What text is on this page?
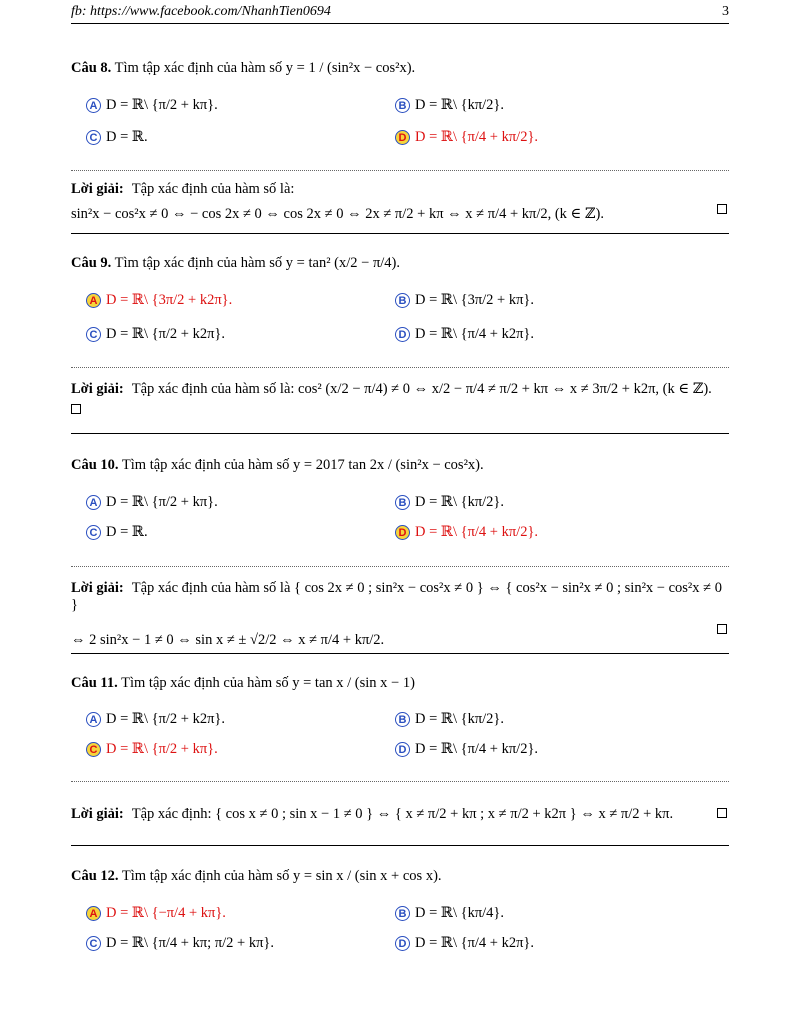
fb: https://www.facebook.com/NhanhTien0694	3
Câu 8. Tìm tập xác định của hàm số y = 1 / (sin²x − cos²x).
A D = ℝ\ {π/2 + kπ}.	B D = ℝ\ {kπ/2}.
C D = ℝ.	D D = ℝ\ {π/4 + kπ/2}.
Lời giải: Tập xác định của hàm số là:
sin²x − cos²x ≠ 0 ⇔ − cos 2x ≠ 0 ⇔ cos 2x ≠ 0 ⇔ 2x ≠ π/2 + kπ ⇔ x ≠ π/4 + kπ/2, (k ∈ ℤ).
Câu 9. Tìm tập xác định của hàm số y = tan² (x/2 − π/4).
A D = ℝ\ {3π/2 + k2π}.	B D = ℝ\ {3π/2 + kπ}.
C D = ℝ\ {π/2 + k2π}.	D D = ℝ\ {π/4 + k2π}.
Lời giải: Tập xác định của hàm số là: cos² (x/2 − π/4) ≠ 0 ⇔ x/2 − π/4 ≠ π/2 + kπ ⇔ x ≠ 3π/2 + k2π, (k ∈ ℤ).
Câu 10. Tìm tập xác định của hàm số y = 2017 tan 2x / (sin²x − cos²x).
A D = ℝ\ {π/2 + kπ}.	B D = ℝ\ {kπ/2}.
C D = ℝ.	D D = ℝ\ {π/4 + kπ/2}.
Lời giải: Tập xác định của hàm số là { cos 2x ≠ 0 ; sin²x − cos²x ≠ 0 } ⇔ { cos²x − sin²x ≠ 0 ; sin²x − cos²x ≠ 0 }
⇔ 2 sin²x − 1 ≠ 0 ⇔ sin x ≠ ± √2/2 ⇔ x ≠ π/4 + kπ/2.
Câu 11. Tìm tập xác định của hàm số y = tan x / (sin x − 1)
A D = ℝ\ {π/2 + k2π}.	B D = ℝ\ {kπ/2}.
C D = ℝ\ {π/2 + kπ}.	D D = ℝ\ {π/4 + kπ/2}.
Lời giải: Tập xác định: { cos x ≠ 0 ; sin x − 1 ≠ 0 } ⇔ { x ≠ π/2 + kπ ; x ≠ π/2 + k2π } ⇔ x ≠ π/2 + kπ.
Câu 12. Tìm tập xác định của hàm số y = sin x / (sin x + cos x).
A D = ℝ\ {−π/4 + kπ}.	B D = ℝ\ {kπ/4}.
C D = ℝ\ {π/4 + kπ; π/2 + kπ}.	D D = ℝ\ {π/4 + k2π}.
